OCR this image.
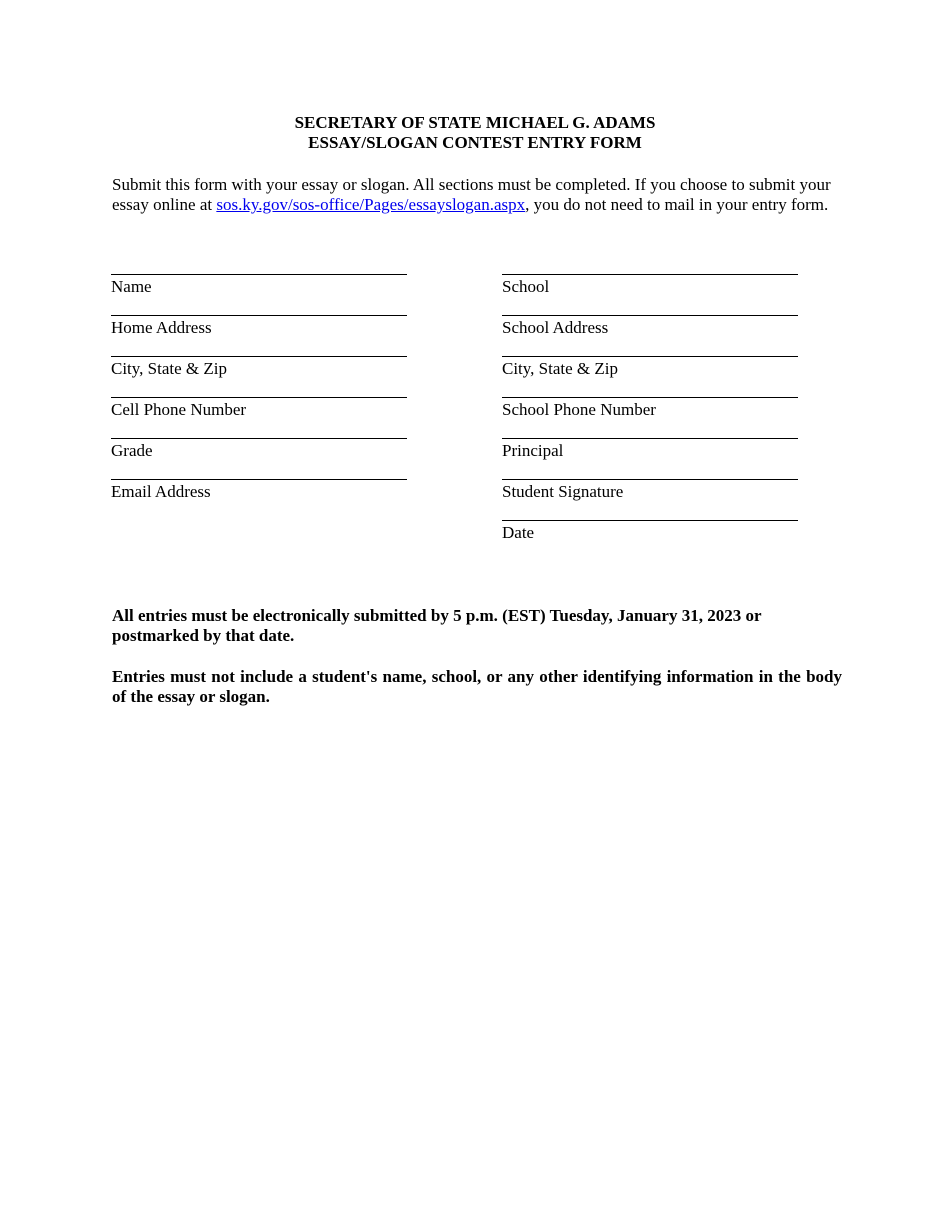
SECRETARY OF STATE MICHAEL G. ADAMS
ESSAY/SLOGAN CONTEST ENTRY FORM

Submit this form with your essay or slogan. All sections must be completed. If you choose to submit your essay online at sos.ky.gov/sos-office/Pages/essayslogan.aspx, you do not need to mail in your entry form.

Name
Home Address
City, State & Zip
Cell Phone Number
Grade
Email Address
School
School Address
City, State & Zip
School Phone Number
Principal
Student Signature
Date
All entries must be electronically submitted by 5 p.m. (EST) Tuesday, January 31, 2023 or postmarked by that date.
Entries must not include a student's name, school, or any other identifying information in the body of the essay or slogan.
